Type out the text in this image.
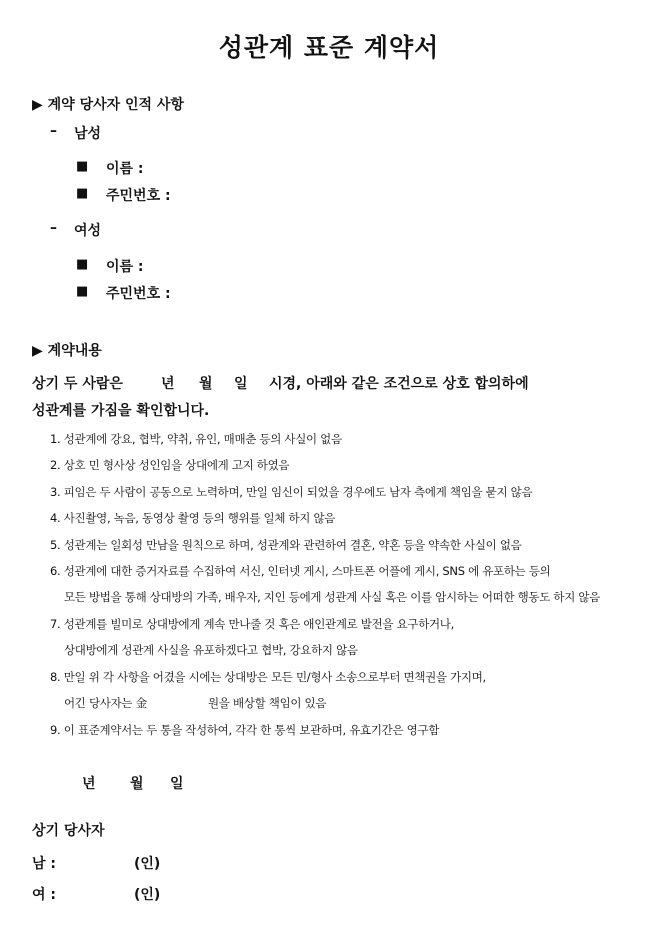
성관계 표준 계약서
▶ 계약 당사자 인적 사항
– 남성
■ 이름 :
■ 주민번호 :
– 여성
■ 이름 :
■ 주민번호 :
▶ 계약내용
상기 두 사람은	년 월 일 시경, 아래와 같은 조건으로 상호 합의하에
성관계를 가짐을 확인합니다.
1. 성관계에 강요, 협박, 약취, 유인, 매매춘 등의 사실이 없음
2. 상호 민 형사상 성인임을 상대에게 고지 하였음
3. 피임은 두 사람이 공동으로 노력하며, 만일 임신이 되었을 경우에도 남자 측에게 책임을 묻지 않음
4. 사진촬영, 녹음, 동영상 촬영 등의 행위를 일체 하지 않음
5. 성관계는 일회성 만남을 원칙으로 하며, 성관계와 관련하여 결혼, 약혼 등을 약속한 사실이 없음
6. 성관계에 대한 증거자료를 수집하여 서신, 인터넷 게시, 스마트폰 어플에 게시, SNS 에 유포하는 등의
모든 방법을 통해 상대방의 가족, 배우자, 지인 등에게 성관계 사실 혹은 이를 암시하는 어떠한 행동도 하지 않음
7. 성관계를 빌미로 상대방에게 계속 만나줄 것 혹은 애인관계로 발전을 요구하거나,
상대방에게 성관계 사실을 유포하겠다고 협박, 강요하지 않음
8. 만일 위 각 사항을 어겼을 시에는 상대방은 모든 민/형사 소송으로부터 면책권을 가지며,
어긴 당사자는 金	원을 배상할 책임이 있음
9. 이 표준계약서는 두 통을 작성하여, 각각 한 통씩 보관하며, 유효기간은 영구함
년 월 일
상기 당사자
남 :	(인)
여 :	(인)
